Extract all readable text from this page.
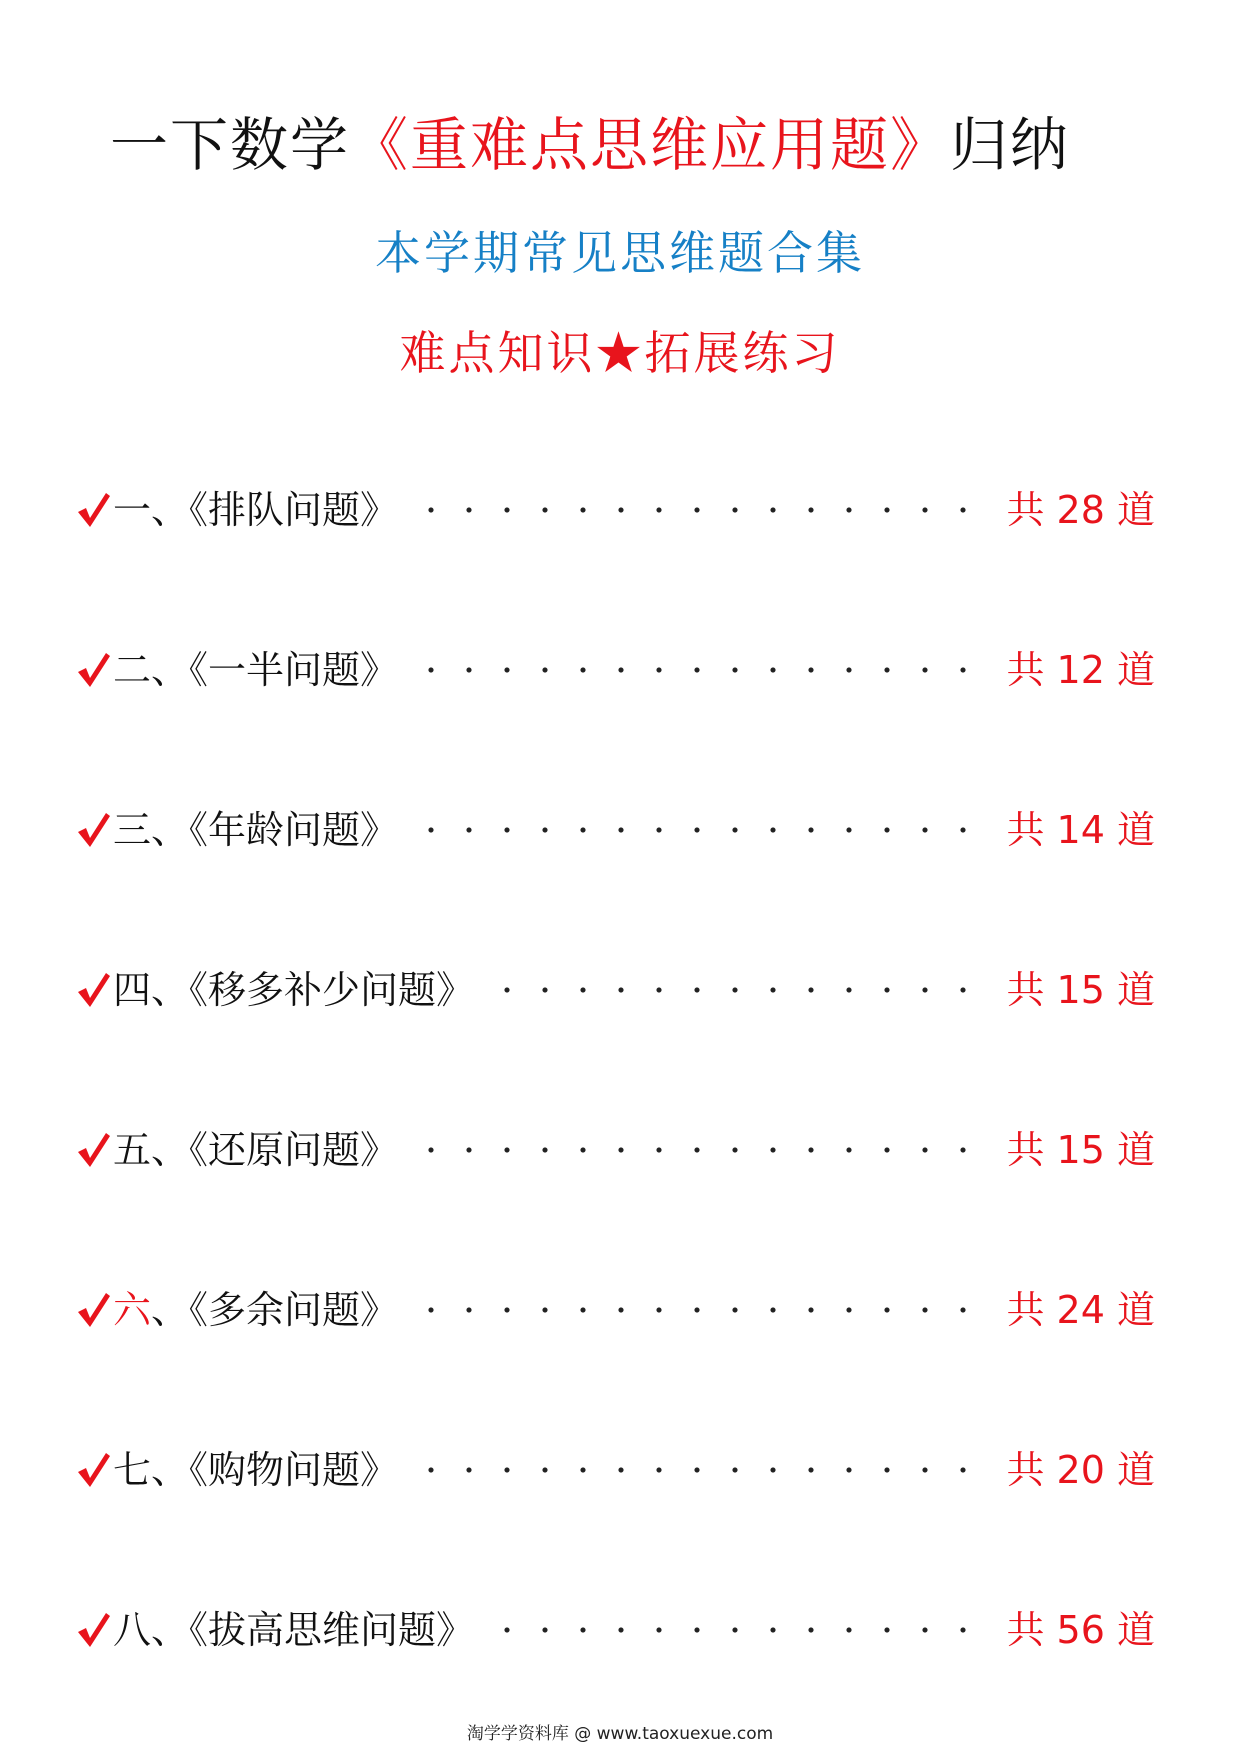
一下数学《重难点思维应用题》归纳
本学期常见思维题合集
难点知识★拓展练习
一、《排队问题》	共 28 道
二、《一半问题》	共 12 道
三、《年龄问题》	共 14 道
四、《移多补少问题》	共 15 道
五、《还原问题》	共 15 道
六、《多余问题》	共 24 道
七、《购物问题》	共 20 道
八、《拔高思维问题》	共 56 道
淘学学资料库 @ www.taoxuexue.com
